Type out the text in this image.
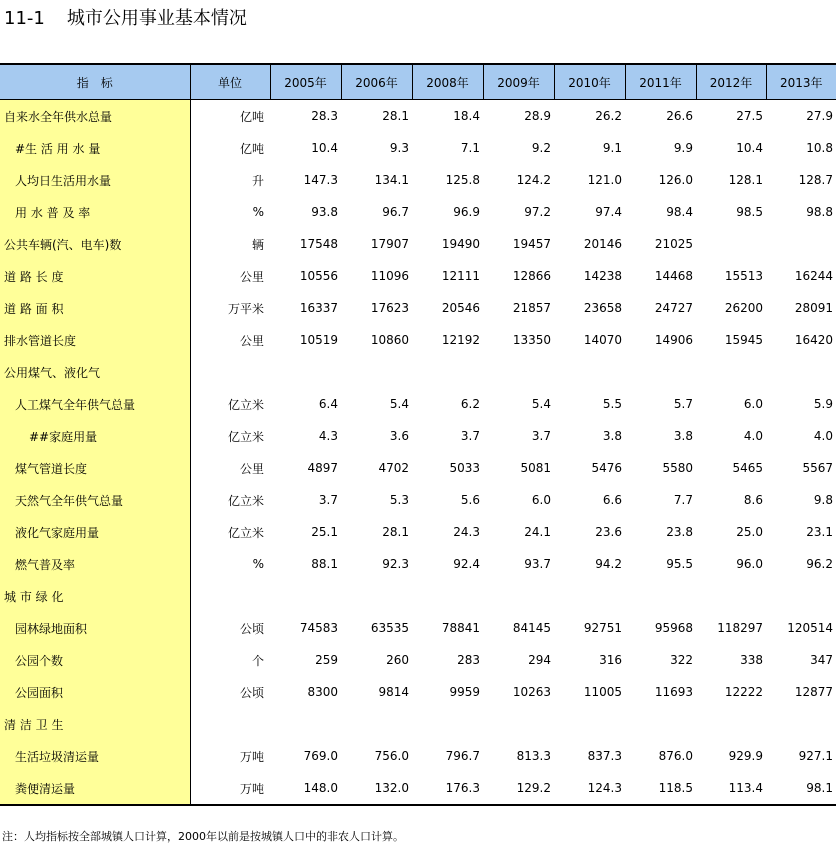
11-1 城市公用事业基本情况
指　标	单位	2005年	2006年	2008年	2009年	2010年	2011年	2012年	2013年
自来水全年供水总量	亿吨	28.3	28.1	18.4	28.9	26.2	26.6	27.5	27.9
#生 活 用 水 量	亿吨	10.4	9.3	7.1	9.2	9.1	9.9	10.4	10.8
人均日生活用水量	升	147.3	134.1	125.8	124.2	121.0	126.0	128.1	128.7
用 水 普 及 率	%	93.8	96.7	96.9	97.2	97.4	98.4	98.5	98.8
公共车辆(汽、电车)数	辆	17548	17907	19490	19457	20146	21025		
道 路 长 度	公里	10556	11096	12111	12866	14238	14468	15513	16244
道 路 面 积	万平米	16337	17623	20546	21857	23658	24727	26200	28091
排水管道长度	公里	10519	10860	12192	13350	14070	14906	15945	16420
公用煤气、液化气									
人工煤气全年供气总量	亿立米	6.4	5.4	6.2	5.4	5.5	5.7	6.0	5.9
##家庭用量	亿立米	4.3	3.6	3.7	3.7	3.8	3.8	4.0	4.0
煤气管道长度	公里	4897	4702	5033	5081	5476	5580	5465	5567
天然气全年供气总量	亿立米	3.7	5.3	5.6	6.0	6.6	7.7	8.6	9.8
液化气家庭用量	亿立米	25.1	28.1	24.3	24.1	23.6	23.8	25.0	23.1
燃气普及率	%	88.1	92.3	92.4	93.7	94.2	95.5	96.0	96.2
城 市 绿 化									
园林绿地面积	公顷	74583	63535	78841	84145	92751	95968	118297	120514
公园个数	个	259	260	283	294	316	322	338	347
公园面积	公顷	8300	9814	9959	10263	11005	11693	12222	12877
清 洁 卫 生									
生活垃圾清运量	万吨	769.0	756.0	796.7	813.3	837.3	876.0	929.9	927.1
粪便清运量	万吨	148.0	132.0	176.3	129.2	124.3	118.5	113.4	98.1
注：人均指标按全部城镇人口计算，2000年以前是按城镇人口中的非农人口计算。
